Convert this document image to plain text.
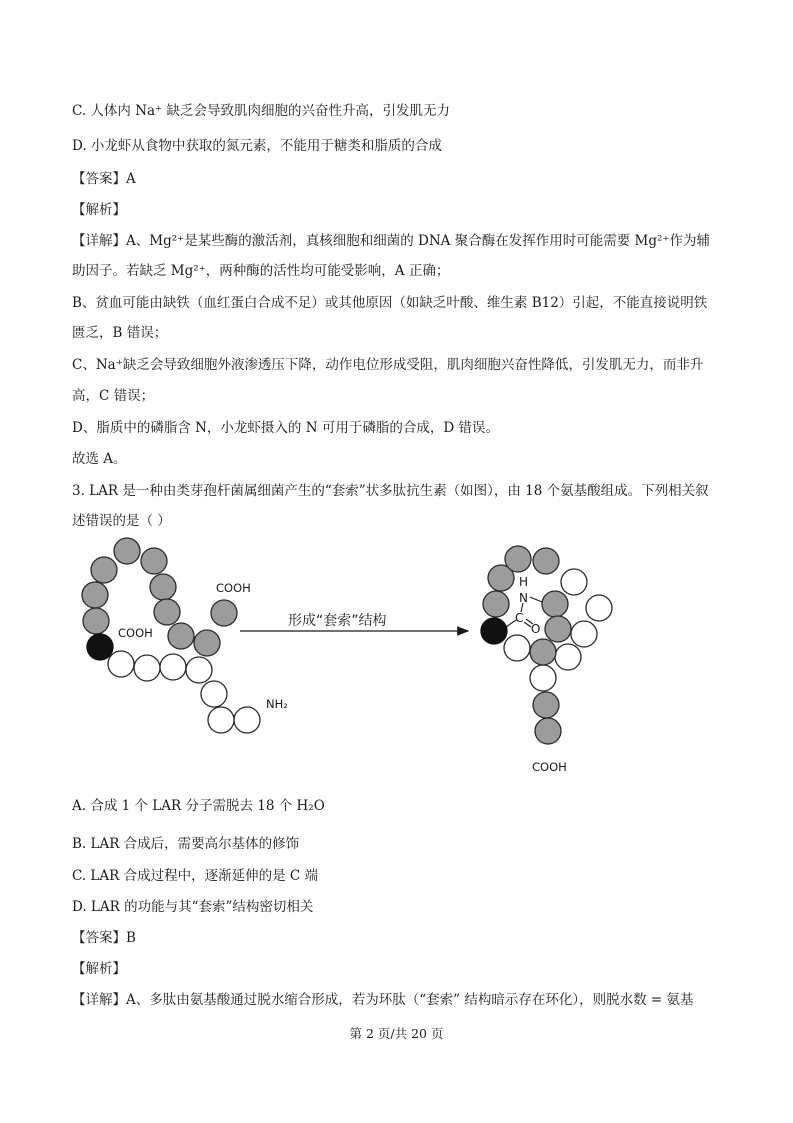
C. 人体内 Na⁺ 缺乏会导致肌肉细胞的兴奋性升高，引发肌无力
D. 小龙虾从食物中获取的氮元素，不能用于糖类和脂质的合成
【答案】A
【解析】
【详解】A、Mg²⁺是某些酶的激活剂，真核细胞和细菌的 DNA 聚合酶在发挥作用时可能需要 Mg²⁺作为辅
助因子。若缺乏 Mg²⁺，两种酶的活性均可能受影响，A 正确；
B、贫血可能由缺铁（血红蛋白合成不足）或其他原因（如缺乏叶酸、维生素 B12）引起，不能直接说明铁
匮乏，B 错误；
C、Na⁺缺乏会导致细胞外液渗透压下降，动作电位形成受阻，肌肉细胞兴奋性降低，引发肌无力，而非升
高，C 错误；
D、脂质中的磷脂含 N，小龙虾摄入的 N 可用于磷脂的合成，D 错误。
故选 A。
3. LAR 是一种由类芽孢杆菌属细菌产生的“套索”状多肽抗生素（如图），由 18 个氨基酸组成。下列相关叙
述错误的是（ ）
COOH
COOH
NH₂
形成“套索”结构
H
N
C
O
COOH
A. 合成 1 个 LAR 分子需脱去 18 个 H₂O
B. LAR 合成后，需要高尔基体的修饰
C. LAR 合成过程中，逐渐延伸的是 C 端
D. LAR 的功能与其“套索”结构密切相关
【答案】B
【解析】
【详解】A、多肽由氨基酸通过脱水缩合形成，若为环肽（“套索” 结构暗示存在环化），则脱水数 = 氨基
第 2 页/共 20 页
